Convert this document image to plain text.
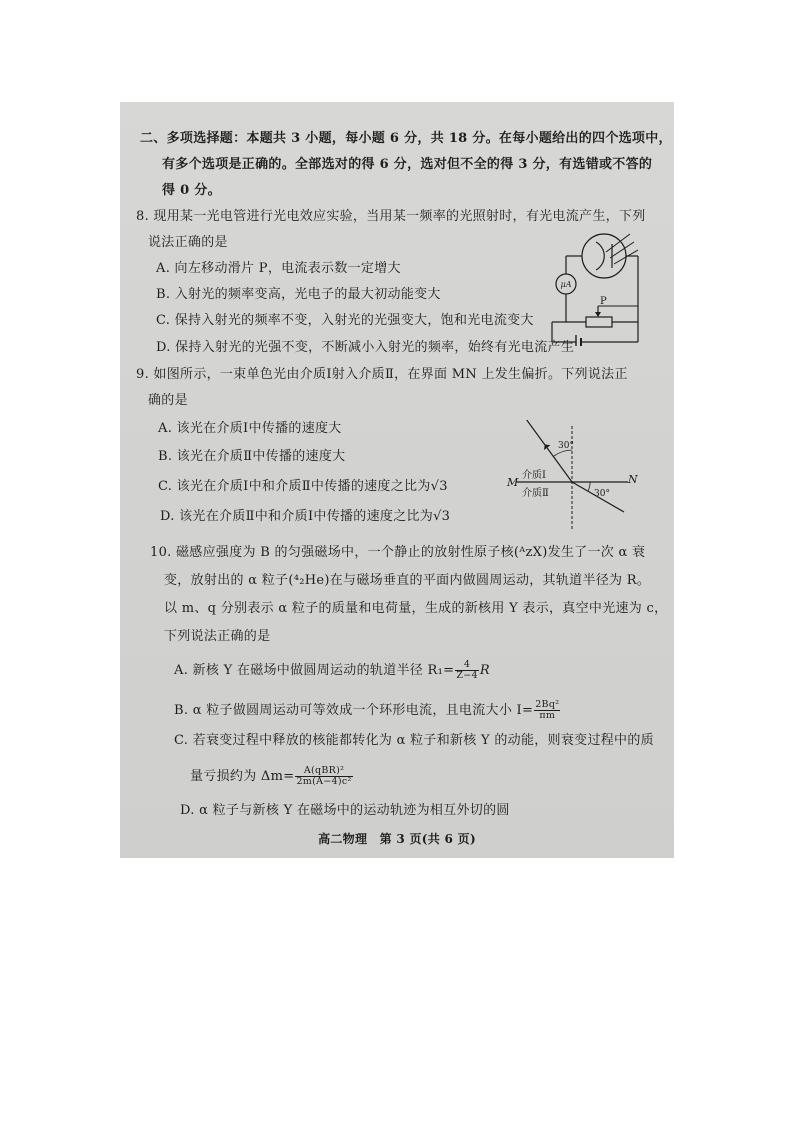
二、多项选择题：本题共 3 小题，每小题 6 分，共 18 分。在每小题给出的四个选项中，
有多个选项是正确的。全部选对的得 6 分，选对但不全的得 3 分，有选错或不答的
得 0 分。
8. 现用某一光电管进行光电效应实验，当用某一频率的光照射时，有光电流产生，下列
说法正确的是
A. 向左移动滑片 P，电流表示数一定增大
B. 入射光的频率变高，光电子的最大初动能变大
C. 保持入射光的频率不变，入射光的光强变大，饱和光电流变大
D. 保持入射光的光强不变，不断减小入射光的频率，始终有光电流产生
μA
P
9. 如图所示，一束单色光由介质Ⅰ射入介质Ⅱ，在界面 MN 上发生偏折。下列说法正
确的是
A. 该光在介质Ⅰ中传播的速度大
B. 该光在介质Ⅱ中传播的速度大
C. 该光在介质Ⅰ中和介质Ⅱ中传播的速度之比为√3
D. 该光在介质Ⅱ中和介质Ⅰ中传播的速度之比为√3
M	N
30°
30°
介质Ⅰ
介质Ⅱ
10. 磁感应强度为 B 的匀强磁场中，一个静止的放射性原子核(ᴬᴢX)发生了一次 α 衰
变，放射出的 α 粒子(⁴₂He)在与磁场垂直的平面内做圆周运动，其轨道半径为 R。
以 m、q 分别表示 α 粒子的质量和电荷量，生成的新核用 Y 表示，真空中光速为 c，
下列说法正确的是
A. 新核 Y 在磁场中做圆周运动的轨道半径 $R_1= \frac{4}{Z-4}$ R
B. α 粒子做圆周运动可等效成一个环形电流，且电流大小 $I= \frac{\text{2Bq²}}{\pi m}$
C. 若衰变过程中释放的核能都转化为 α 粒子和新核 Y 的动能，则衰变过程中的质
量亏损约为 $\Delta m= \frac{\text{A(qBR)²}}{\text{2m(A−4)c²}}$
D. α 粒子与新核 Y 在磁场中的运动轨迹为相互外切的圆
高二物理　第 3 页(共 6 页)
